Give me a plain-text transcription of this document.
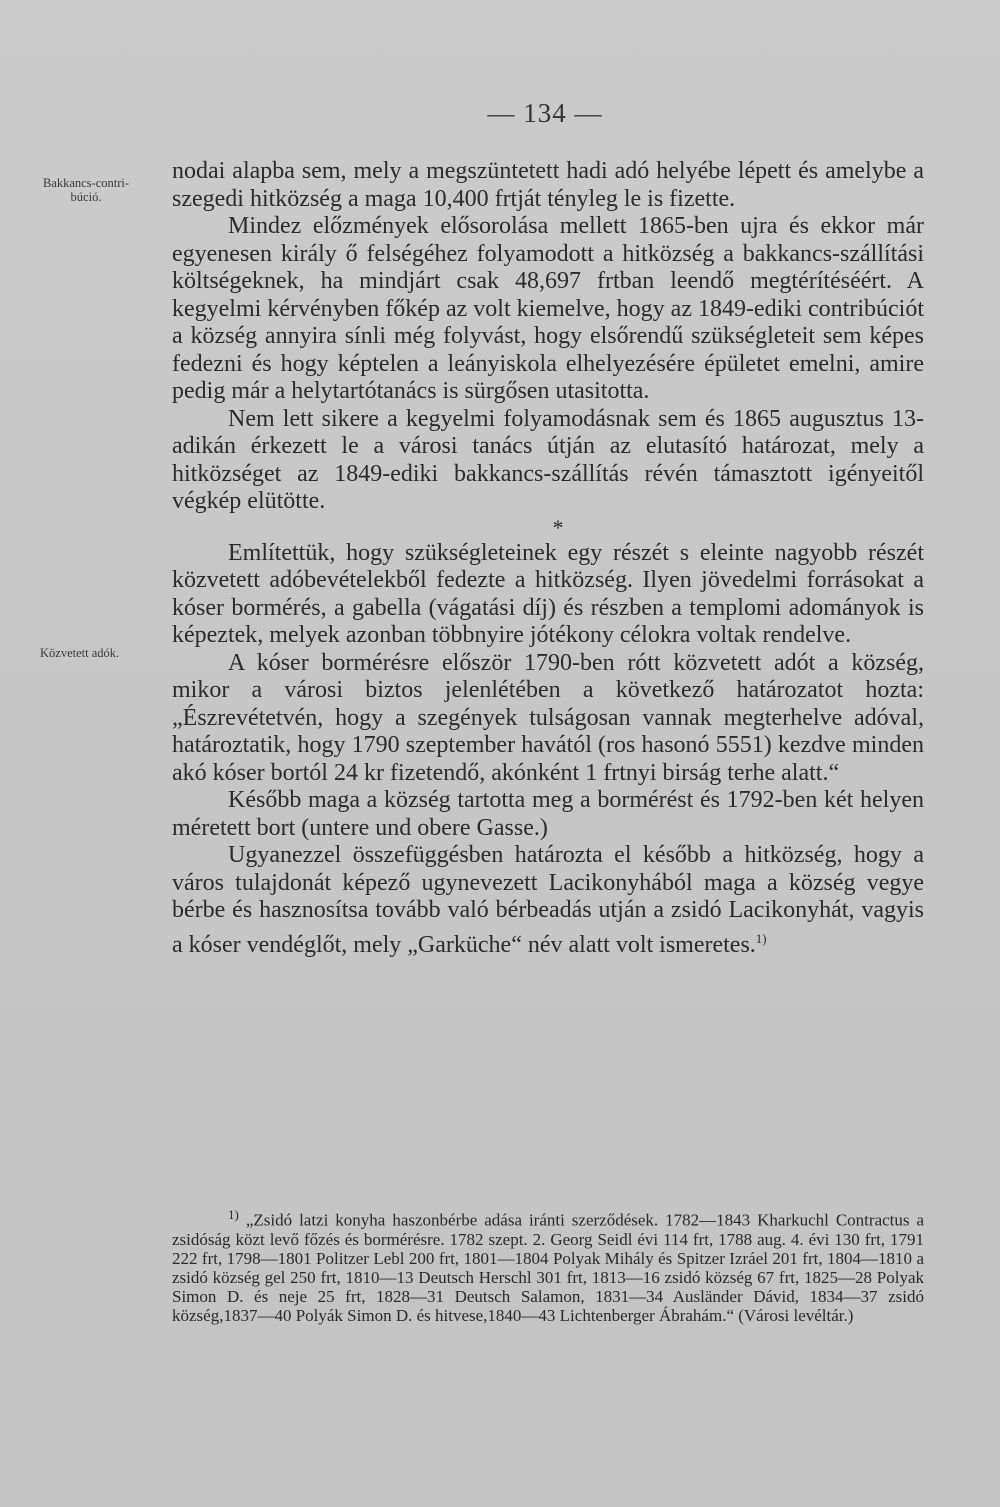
— 134 —
Bakkancs-contri-búció.
Közvetett adók.

nodai alapba sem, mely a megszüntetett hadi adó helyébe lépett és amelybe a szegedi hitközség a maga 10,400 frtját tényleg le is fizette.

Mindez előzmények elősorolása mellett 1865-ben ujra és ekkor már egyenesen király ő felségéhez folyamodott a hitközség a bakkancs-szállítási költségeknek, ha mindjárt csak 48,697 frtban leendő megtérítéséért. A kegyelmi kérvényben főkép az volt kiemelve, hogy az 1849-ediki contribúciót a község annyira sínli még folyvást, hogy elsőrendű szükségleteit sem képes fedezni és hogy képtelen a leányiskola elhelyezésére épületet emelni, amire pedig már a helytartótanács is sürgősen utasitotta.

Nem lett sikere a kegyelmi folyamodásnak sem és 1865 augusztus 13-adikán érkezett le a városi tanács útján az elutasító határozat, mely a hitközséget az 1849-ediki bakkancs-szállítás révén támasztott igényeitől végkép elütötte.

*

Említettük, hogy szükségleteinek egy részét s eleinte nagyobb részét közvetett adóbevételekből fedezte a hitközség. Ilyen jövedelmi forrásokat a kóser bormérés, a gabella (vágatási díj) és részben a templomi adományok is képeztek, melyek azonban többnyire jótékony célokra voltak rendelve.

A kóser bormérésre először 1790-ben rótt közvetett adót a község, mikor a városi biztos jelenlétében a következő határozatot hozta: „Észrevétetvén, hogy a szegények tulságosan vannak megterhelve adóval, határoztatik, hogy 1790 szeptember havától (ros hasonó 5551) kezdve minden akó kóser bortól 24 kr fizetendő, akónként 1 frtnyi birság terhe alatt.“

Később maga a község tartotta meg a bormérést és 1792-ben két helyen méretett bort (untere und obere Gasse.)

Ugyanezzel összefüggésben határozta el később a hitközség, hogy a város tulajdonát képező ugynevezett Lacikonyhából maga a község vegye bérbe és hasznosítsa tovább való bérbeadás utján a zsidó Lacikonyhát, vagyis a kóser vendéglőt, mely „Garküche“ név alatt volt ismeretes.$^{1)}$

$^{1)}$ „Zsidó latzi konyha haszonbérbe adása iránti szerződések. 1782—1843 Kharkuchl Contractus a zsidóság közt levő főzés és bormérésre. 1782 szept. 2. Georg Seidl évi 114 frt, 1788 aug. 4. évi 130 frt, 1791 222 frt, 1798—1801 Politzer Lebl 200 frt, 1801—1804 Polyak Mihály és Spitzer Izráel 201 frt, 1804—1810 a zsidó község gel 250 frt, 1810—13 Deutsch Herschl 301 frt, 1813—16 zsidó község 67 frt, 1825—28 Polyak Simon D. és neje 25 frt, 1828—31 Deutsch Salamon, 1831—34 Ausländer Dávid, 1834—37 zsidó község,1837—40 Polyák Simon D. és hitvese,1840—43 Lichtenberger Ábrahám.“ (Városi levéltár.)
